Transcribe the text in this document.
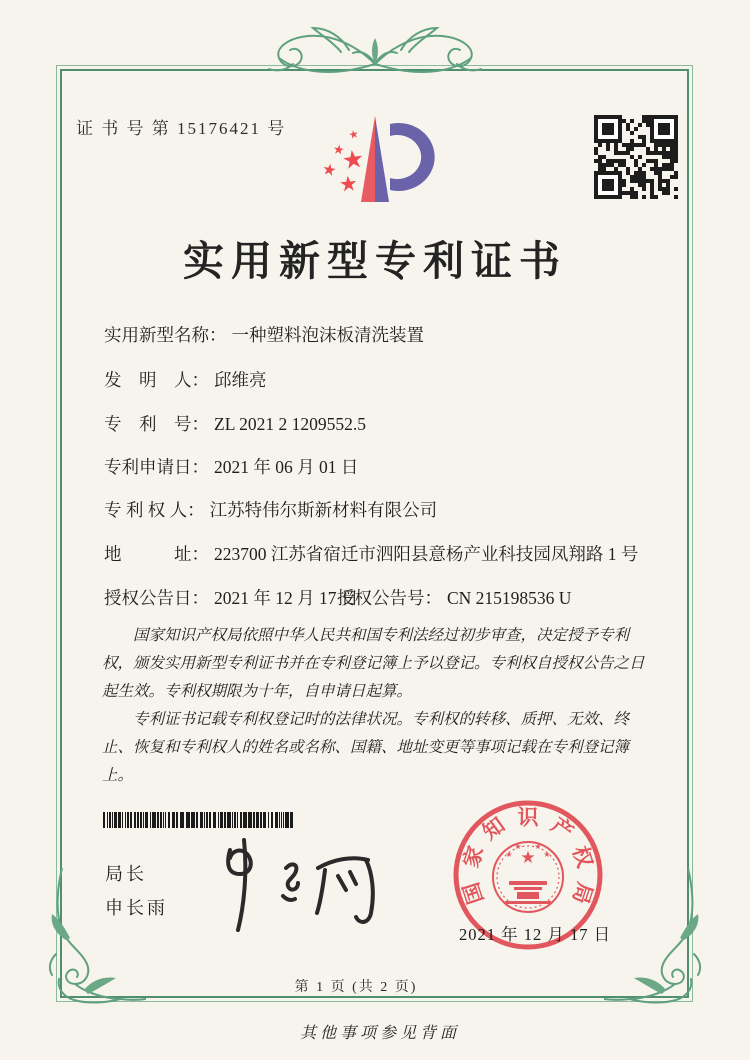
证 书 号 第 15176421 号	★
★
★
★
★
实用新型专利证书
实用新型名称： 一种塑料泡沫板清洗装置
发　明　人： 邱维亮
专　利　号： ZL 2021 2 1209552.5
专利申请日： 2021 年 06 月 01 日
专 利 权 人： 江苏特伟尔斯新材料有限公司
地　　　址： 223700 江苏省宿迁市泗阳县意杨产业科技园凤翔路 1 号
授权公告日： 2021 年 12 月 17 日
授权公告号： CN 215198536 U

国家知识产权局依照中华人民共和国专利法经过初步审查，决定授予专利权，颁发实用新型专利证书并在专利登记簿上予以登记。专利权自授权公告之日起生效。专利权期限为十年，自申请日起算。

专利证书记载专利权登记时的法律状况。专利权的转移、质押、无效、终止、恢复和专利权人的姓名或名称、国籍、地址变更等事项记载在专利登记簿上。

局长
申长雨
★
★
★ ★
★
国
家
知 识 产
权
局
2021 年 12 月 17 日
第 1 页 (共 2 页)
其他事项参见背面
